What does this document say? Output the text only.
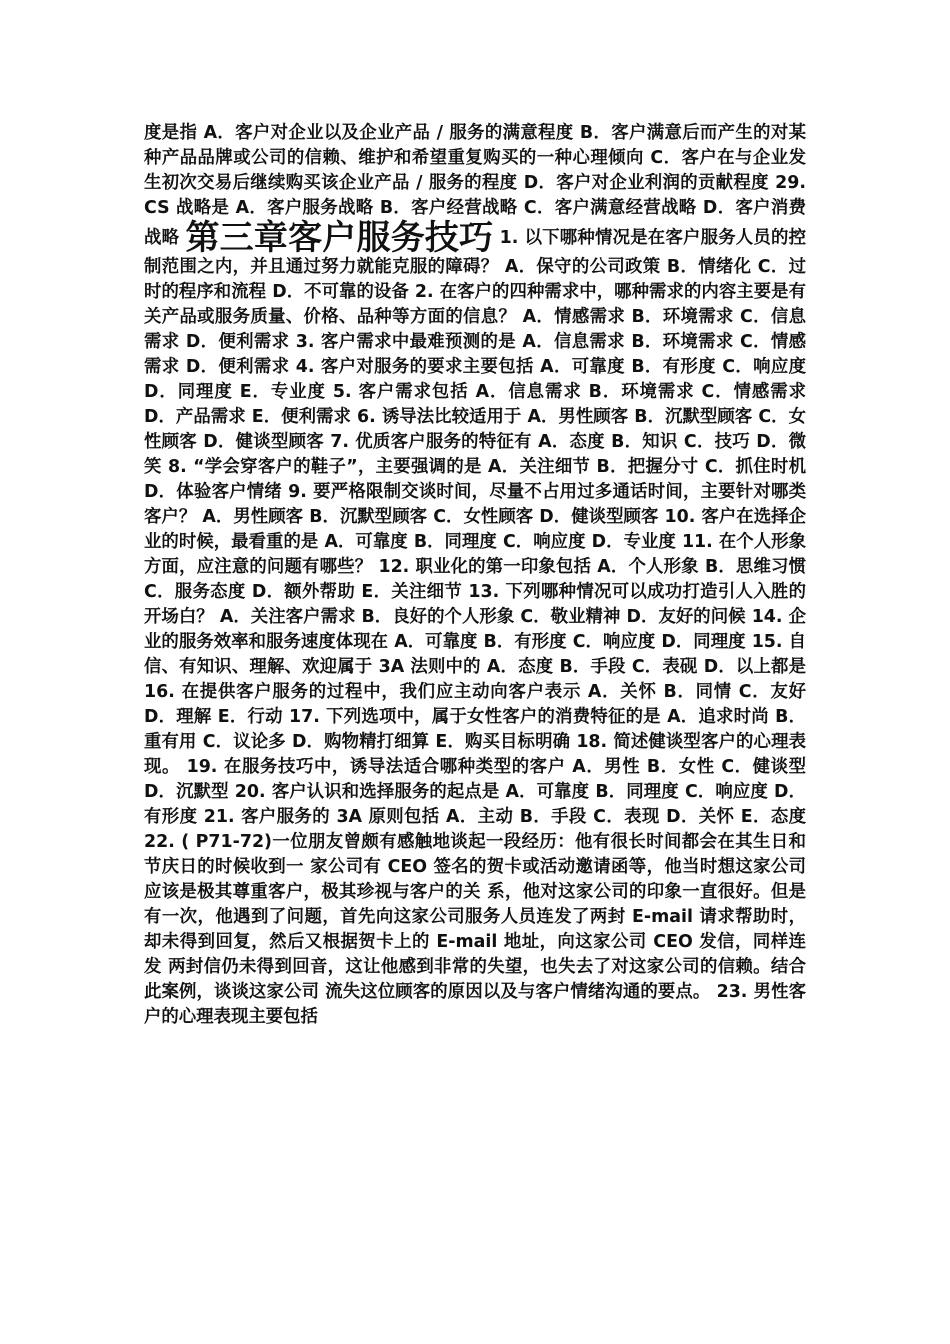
度是指 A．客户对企业以及企业产品 / 服务的满意程度 B．客户满意后而产生的对某种产品品牌或公司的信赖、维护和希望重复购买的一种心理倾向 C．客户在与企业发生初次交易后继续购买该企业产品 / 服务的程度 D．客户对企业利润的贡献程度 29. CS 战略是 A．客户服务战略 B．客户经营战略 C．客户满意经营战略 D．客户消费战略 第三章客户服务技巧 1. 以下哪种情况是在客户服务人员的控制范围之内，并且通过努力就能克服的障碍？ A．保守的公司政策 B．情绪化 C．过时的程序和流程 D．不可靠的设备 2. 在客户的四种需求中，哪种需求的内容主要是有关产品或服务质量、价格、品种等方面的信息？ A．情感需求 B．环境需求 C．信息需求 D．便利需求 3. 客户需求中最难预测的是 A．信息需求 B．环境需求 C．情感需求 D．便利需求 4. 客户对服务的要求主要包括 A．可靠度 B．有形度 C．响应度 D．同理度 E．专业度 5. 客户需求包括 A．信息需求 B．环境需求 C．情感需求 D．产品需求 E．便利需求 6. 诱导法比较适用于 A．男性顾客 B．沉默型顾客 C．女性顾客 D．健谈型顾客 7. 优质客户服务的特征有 A．态度 B．知识 C．技巧 D．微笑 8. “学会穿客户的鞋子”，主要强调的是 A．关注细节 B．把握分寸 C．抓住时机 D．体验客户情绪 9. 要严格限制交谈时间，尽量不占用过多通话时间，主要针对哪类客户？ A．男性顾客 B．沉默型顾客 C．女性顾客 D．健谈型顾客 10. 客户在选择企业的时候，最看重的是 A．可靠度 B．同理度 C．响应度 D．专业度 11. 在个人形象方面，应注意的问题有哪些？ 12. 职业化的第一印象包括 A．个人形象 B．思维习惯 C．服务态度 D．额外帮助 E．关注细节 13. 下列哪种情况可以成功打造引人入胜的开场白？ A．关注客户需求 B．良好的个人形象 C．敬业精神 D．友好的问候 14. 企业的服务效率和服务速度体现在 A．可靠度 B．有形度 C．响应度 D．同理度 15. 自信、有知识、理解、欢迎属于 3A 法则中的 A．态度 B．手段 C．表砚 D．以上都是 16. 在提供客户服务的过程中，我们应主动向客户表示 A．关怀 B．同情 C．友好 D．理解 E．行动 17. 下列选项中，属于女性客户的消费特征的是 A．追求时尚 B．重有用 C．议论多 D．购物精打细算 E．购买目标明确 18. 简述健谈型客户的心理表现。 19. 在服务技巧中，诱导法适合哪种类型的客户 A．男性 B．女性 C．健谈型 D．沉默型 20. 客户认识和选择服务的起点是 A．可靠度 B．同理度 C．响应度 D．有形度 21. 客户服务的 3A 原则包括 A．主动 B．手段 C．表现 D．关怀 E．态度 22. ( P71-72)一位朋友曾颇有感触地谈起一段经历：他有很长时间都会在其生日和节庆日的时候收到一 家公司有 CEO 签名的贺卡或活动邀请函等，他当时想这家公司应该是极其尊重客户，极其珍视与客户的关 系，他对这家公司的印象一直很好。但是有一次，他遇到了问题，首先向这家公司服务人员连发了两封 E-mail 请求帮助时，却未得到回复，然后又根据贺卡上的 E-mail 地址，向这家公司 CEO 发信，同样连发 两封信仍未得到回音，这让他感到非常的失望，也失去了对这家公司的信赖。结合此案例，谈谈这家公司 流失这位顾客的原因以及与客户情绪沟通的要点。 23. 男性客户的心理表现主要包括
